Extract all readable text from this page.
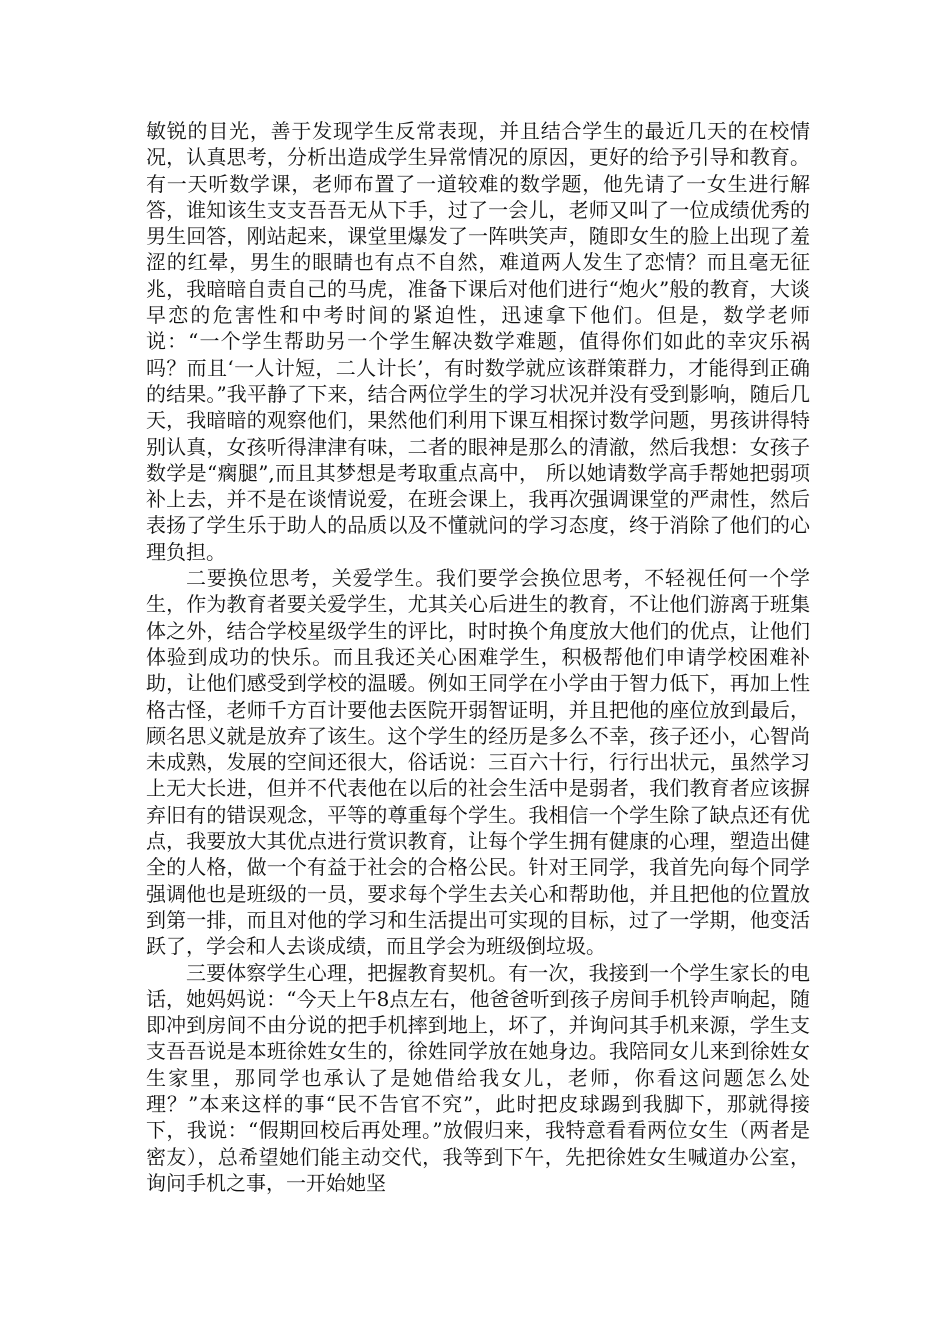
敏锐的目光，善于发现学生反常表现，并且结合学生的最近几天的在校情况，认真思考，分析出造成学生异常情况的原因，更好的给予引导和教育。有一天听数学课，老师布置了一道较难的数学题，他先请了一女生进行解答，谁知该生支支吾吾无从下手，过了一会儿，老师又叫了一位成绩优秀的男生回答，刚站起来，课堂里爆发了一阵哄笑声，随即女生的脸上出现了羞涩的红晕，男生的眼睛也有点不自然，难道两人发生了恋情？而且毫无征兆，我暗暗自责自己的马虎，准备下课后对他们进行“炮火”般的教育，大谈早恋的危害性和中考时间的紧迫性，迅速拿下他们。但是，数学老师说：“一个学生帮助另一个学生解决数学难题，值得你们如此的幸灾乐祸吗？而且‘一人计短，二人计长’，有时数学就应该群策群力，才能得到正确的结果。”我平静了下来，结合两位学生的学习状况并没有受到影响，随后几天，我暗暗的观察他们，果然他们利用下课互相探讨数学问题，男孩讲得特别认真，女孩听得津津有味，二者的眼神是那么的清澈，然后我想：女孩子数学是“瘸腿”,而且其梦想是考取重点高中， 所以她请数学高手帮她把弱项补上去，并不是在谈情说爱，在班会课上，我再次强调课堂的严肃性，然后表扬了学生乐于助人的品质以及不懂就问的学习态度，终于消除了他们的心理负担。

二要换位思考，关爱学生。我们要学会换位思考，不轻视任何一个学生，作为教育者要关爱学生，尤其关心后进生的教育，不让他们游离于班集体之外，结合学校星级学生的评比，时时换个角度放大他们的优点，让他们体验到成功的快乐。而且我还关心困难学生，积极帮他们申请学校困难补助，让他们感受到学校的温暖。例如王同学在小学由于智力低下，再加上性格古怪，老师千方百计要他去医院开弱智证明，并且把他的座位放到最后，顾名思义就是放弃了该生。这个学生的经历是多么不幸，孩子还小，心智尚未成熟，发展的空间还很大，俗话说：三百六十行，行行出状元，虽然学习上无大长进，但并不代表他在以后的社会生活中是弱者，我们教育者应该摒弃旧有的错误观念，平等的尊重每个学生。我相信一个学生除了缺点还有优点，我要放大其优点进行赏识教育，让每个学生拥有健康的心理，塑造出健全的人格，做一个有益于社会的合格公民。针对王同学，我首先向每个同学强调他也是班级的一员，要求每个学生去关心和帮助他，并且把他的位置放到第一排，而且对他的学习和生活提出可实现的目标，过了一学期，他变活跃了，学会和人去谈成绩，而且学会为班级倒垃圾。

三要体察学生心理，把握教育契机。有一次，我接到一个学生家长的电话，她妈妈说：“今天上午8点左右，他爸爸听到孩子房间手机铃声响起，随即冲到房间不由分说的把手机摔到地上，坏了，并询问其手机来源，学生支支吾吾说是本班徐姓女生的，徐姓同学放在她身边。我陪同女儿来到徐姓女生家里，那同学也承认了是她借给我女儿，老师，你看这问题怎么处理？”本来这样的事“民不告官不究”，此时把皮球踢到我脚下，那就得接下，我说：“假期回校后再处理。”放假归来，我特意看看两位女生（两者是密友），总希望她们能主动交代，我等到下午，先把徐姓女生喊道办公室，询问手机之事，一开始她坚
